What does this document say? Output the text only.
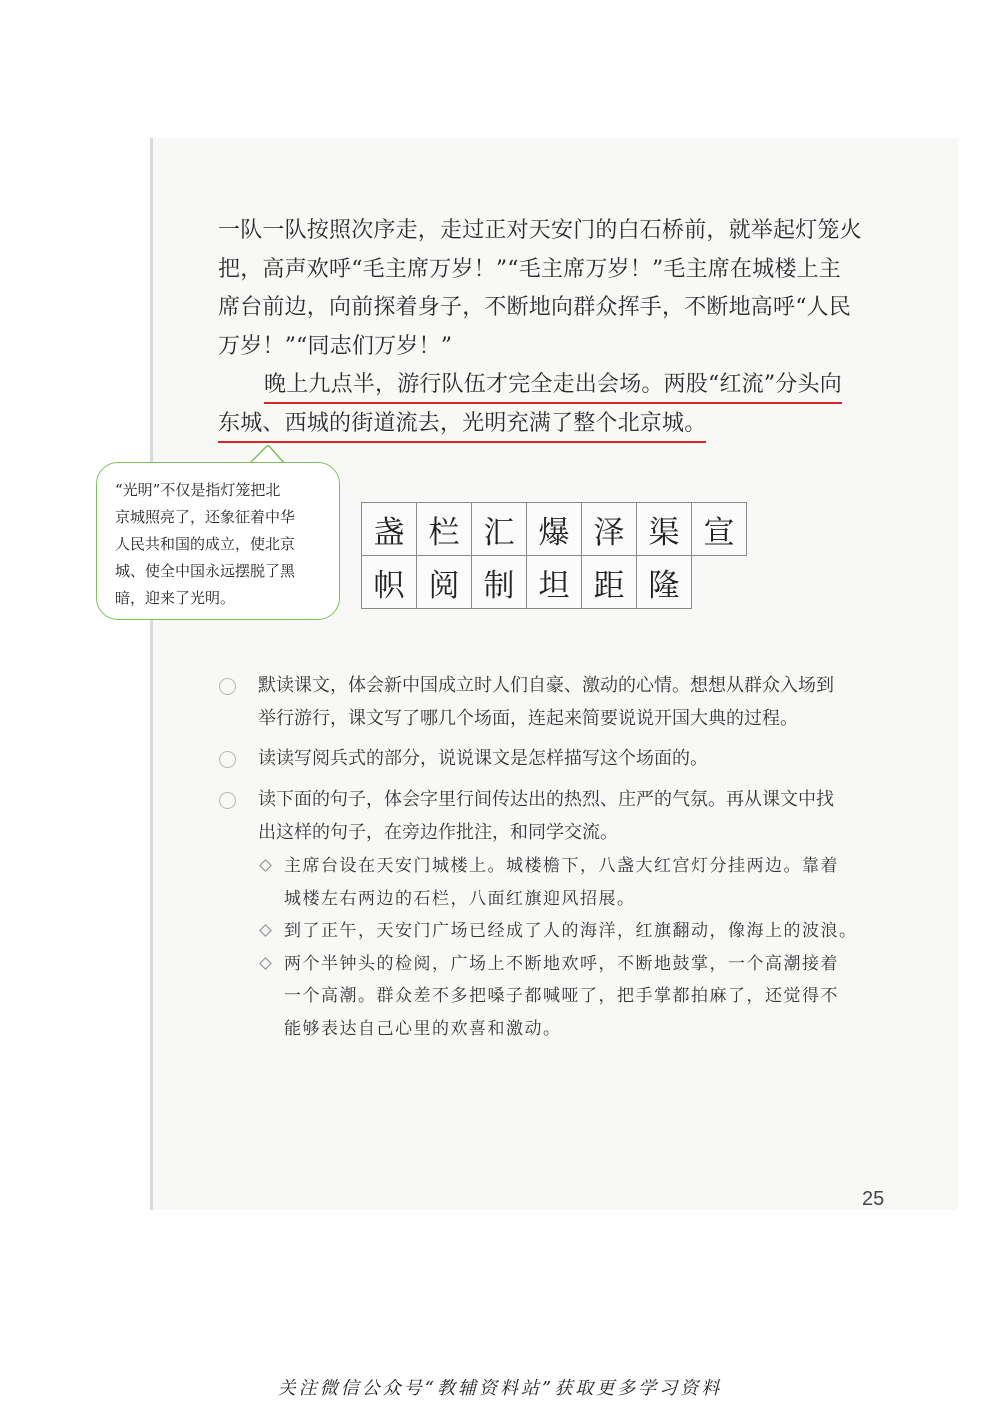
一队一队按照次序走，走过正对天安门的白石桥前，就举起灯笼火
把，高声欢呼“毛主席万岁！”“毛主席万岁！”毛主席在城楼上主
席台前边，向前探着身子，不断地向群众挥手，不断地高呼“人民
万岁！”“同志们万岁！”
晚上九点半，游行队伍才完全走出会场。两股“红流”分头向
东城、西城的街道流去，光明充满了整个北京城。
“光明”不仅是指灯笼把北
京城照亮了，还象征着中华
人民共和国的成立，使北京
城、使全中国永远摆脱了黑
暗，迎来了光明。
盏 栏 汇 爆 泽 渠 宣
帜 阅 制 坦 距 隆
默读课文，体会新中国成立时人们自豪、激动的心情。想想从群众入场到
举行游行，课文写了哪几个场面，连起来简要说说开国大典的过程。
读读写阅兵式的部分，说说课文是怎样描写这个场面的。
读下面的句子，体会字里行间传达出的热烈、庄严的气氛。再从课文中找
出这样的句子，在旁边作批注，和同学交流。
主席台设在天安门城楼上。城楼檐下，八盏大红宫灯分挂两边。靠着
城楼左右两边的石栏，八面红旗迎风招展。
到了正午，天安门广场已经成了人的海洋，红旗翻动，像海上的波浪。
两个半钟头的检阅，广场上不断地欢呼，不断地鼓掌，一个高潮接着
一个高潮。群众差不多把嗓子都喊哑了，把手掌都拍麻了，还觉得不
能够表达自己心里的欢喜和激动。
25
关注微信公众号“教辅资料站”获取更多学习资料
